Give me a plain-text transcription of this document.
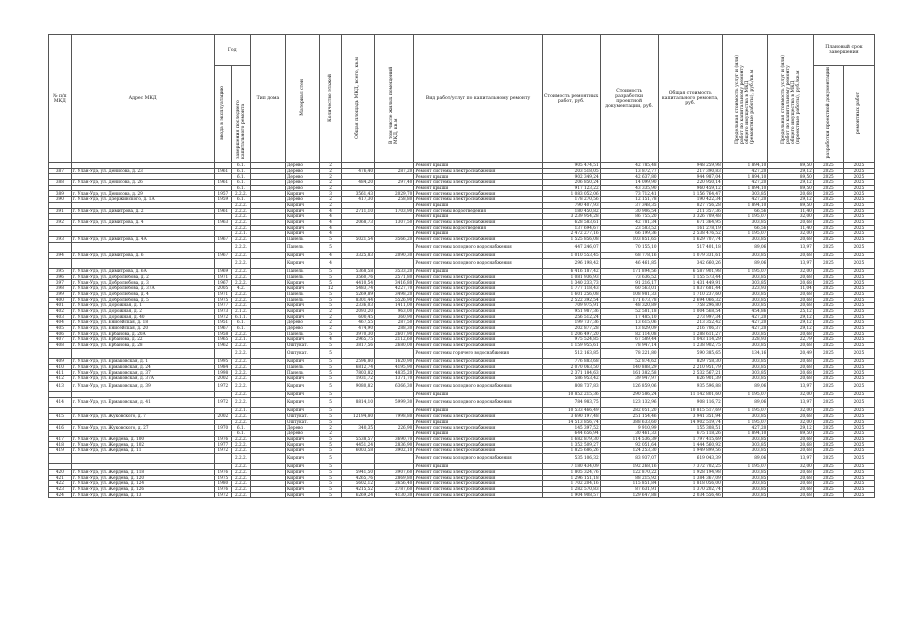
№ п/п МКД	Адрес МКД	Год		Тип дома	Материал стен	Количество этажей	Общая площадь МКД, всего, кв.м	В том числе жилых помещений МКД, кв.м	Вид работ/услуг по капитальному ремонту	Стоимость ремонтных работ, руб.	Стоимость разработки проектной документации, руб.	Общая стоимость капитального ремонта, руб.	Предельная стоимость услуг и (или) работ по капитальному ремонту общего имущества в МКД (ремонтные работы), руб./кв.м	Предельная стоимость услуг и (или) работ по капитальному ремонту общего имущества в МКД (проектные работы), руб./кв.м	Плановый срок завершения	
		ввода в эксплуатацию	завершения последнего капитального ремонта												разработки проектной документации	ремонтных работ
			6.1.		Дерево	2			Ремонт крыши	905 474,51	42 785,48	948 259,98	1 894,10	89,50	2025	2025
387	г. Улан-Удэ, ул. Денисова, д. 23	1961	6.1.		Дерево	2	476,40	287,20	Ремонт системы электроснабжения	203 518,05	13 872,77	217 390,83	427,20	29,12	2025	2025
			6.1.		Дерево	2			Ремонт крыши	902 349,24	42 637,80	944 987,04	1 894,10	89,50	2025	2025
388	г. Улан-Удэ, ул. Денисова, д. 26	1961	6.1.		Дерево	2	484,20	297,40	Ремонт системы электроснабжения	206 850,24	14 099,90	220 950,14	427,20	29,12	2025	2025
			6.1.		Дерево	2			Ремонт крыши	917 123,22	43 335,90	960 459,12	1 894,10	89,50	2025	2025
389	г. Улан-Удэ, ул. Денисова, д. 29	1957	2.2.2.		Кирпич	3	3561,43	2029,70	Ремонт системы электроснабжения	1 083 052,06	73 712,41	1 156 764,47	303,85	20,68	2025	2025
390	г. Улан-Удэ, ул. Дзержинского, д. 1А	1959	6.1.		Дерево	2	417,30	258,80	Ремонт системы электроснабжения	178 270,56	12 151,78	190 422,34	427,20	29,12	2025	2025
			2.2.2.		Кирпич	2			Ремонт крыши	790 407,93	37 348,35	827 756,28	1 894,10	89,50	2025	2025
391	г. Улан-Удэ, ул. Димитрова, д. 2	1961	2.2.2.		Кирпич	4	2711,10	1703,90	Ремонт системы водоотведения	180 450,82	30 906,54	211 357,36	66,56	11,40	2025	2025
			2.2.2.		Кирпич	4			Ремонт крыши	3 239 954,28	86 755,20	3 326 709,48	1 195,07	32,00	2025	2025
392	г. Улан-Удэ, ул. Димитрова, д. 4	1963	2.2.2.		Кирпич	4	2068,73	1307,50	Ремонт системы электроснабжения	628 583,61	42 781,34	671 364,95	303,85	20,68	2025	2025
			2.2.2.		Кирпич	4			Ремонт системы водоотведения	137 694,67	23 583,52	161 278,19	66,56	11,40	2025	2025
			2.2.1.		Кирпич	4			Ремонт крыши	2 472 277,16	66 199,36	2 538 476,52	1 195,07	32,00	2025	2025
393	г. Улан-Удэ, ул. Димитрова, д. 4А	1967	2.2.2.		Панель	5	5021,54	3566,20	Ремонт системы электроснабжения	1 525 856,08	103 851,65	1 629 707,74	303,85	20,68	2025	2025
			2.2.2.		Панель	5			Ремонт системы холодного водоснабжения	447 246,07	70 155,10	517 401,18	89,06	13,97	2025	2025
394	г. Улан-Удэ, ул. Димитрова, д. 6	1967	2.2.2.		Кирпич	4	3325,83	2090,30	Ремонт системы электроснабжения	1 010 553,45	68 778,16	1 079 331,61	303,85	20,68	2025	2025
			2.2.2.		Кирпич	4			Ремонт системы холодного водоснабжения	296 198,42	46 461,85	342 660,26	89,06	13,97	2025	2025
395	г. Улан-Удэ, ул. Димитрова, д. 6А	1969	2.2.2.		Панель	5	5368,58	3533,20	Ремонт крыши	6 416 187,42	171 894,56	6 587 901,98	1 195,07	32,00	2025	2025
396	г. Улан-Удэ, ул. Добролюбова, д. 2	1971	2.2.2.		Панель	5	3560,76	2571,80	Ремонт системы электроснабжения	1 081 936,93	73 636,52	1 155 573,44	303,85	20,68	2025	2025
397	г. Улан-Удэ, ул. Добролюбова, д. 3	1967	2.2.2.		Кирпич	5	4410,54	3416,80	Ремонт системы электроснабжения	1 340 233,73	91 216,17	1 431 449,91	303,85	20,68	2025	2025
398	г. Улан-Удэ, ул. Добролюбова, д. 37А	2005	4.2.		Кирпич	12	5483,74	4227,70	Ремонт системы электроснабжения	1 777 118,43	60 563,01	1 837 681,44	323,93	11,04	2025	2025
399	г. Улан-Удэ, ул. Добролюбова, д. 4	1971	2.2.2.		Панель	5	5269,89	3498,20	Ремонт системы электроснабжения	1 601 256,08	108 981,33	1 710 237,60	303,85	20,68	2025	2025
400	г. Улан-Удэ, ул. Добролюбова, д. 5	1975	2.2.2.		Панель	5	8301,44	5526,90	Ремонт системы электроснабжения	2 522 392,54	171 673,78	2 694 066,32	303,85	20,68	2025	2025
401	г. Улан-Удэ, ул. Дорожная, д. 1	1977	2.2.2.		Кирпич	5	2336,03	1411,00	Ремонт системы электроснабжения	709 975,91	48 320,89	758 296,80	303,85	20,68	2025	2025
402	г. Улан-Удэ, ул. Дорожная, д. 2	1973	2.1.2.		Кирпич	2	2093,20	963,00	Ремонт системы электроснабжения	951 987,36	52 581,18	1 004 568,54	454,86	25,12	2025	2025
403	г. Улан-Удэ, ул. Дорожная, д. 40	1972	6.1.1.		Кирпич	2	600,45	360,90	Ремонт системы электроснабжения	256 512,24	17 485,10	273 997,34	427,20	29,12	2025	2025
404	г. Улан-Удэ, ул. Енисейская, д. 18	1951	6.1.		Дерево	2	467,55	287,50	Ремонт системы электроснабжения	199 737,36	13 615,06	213 352,42	427,20	29,12	2025	2025
405	г. Улан-Удэ, ул. Енисейская, д. 20	1967	6.1.		Дерево	2	474,90	288,30	Ремонт системы электроснабжения	202 877,28	13 829,09	216 706,37	427,20	29,12	2025	2025
406	г. Улан-Удэ, ул. Ербанова, д. 20А	1958	2.2.2.		Панель	5	3970,30	2607,90	Ремонт системы электроснабжения	1 206 497,20	82 114,08	1 288 611,27	303,85	20,68	2025	2025
407	г. Улан-Удэ, ул. Ербанова, д. 22	1965	2.2.1.		Кирпич	4	2965,75	2112,60	Ремонт системы электроснабжения	975 524,85	67 589,44	1 043 114,29	328,93	22,79	2025	2025
408	г. Улан-Удэ, ул. Ербанова, д. 28	1962	2.2.2.		Оштукат.	5	3817,56	2680,00	Ремонт системы электроснабжения	1 159 955,61	78 947,14	1 238 902,75	303,85	20,68	2025	2025
			2.2.2.		Оштукат.	5			Ремонт системы горячего водоснабжения	512 163,85	78 221,80	590 385,65	134,16	20,49	2025	2025
409	г. Улан-Удэ, ул. Ермаковская, д. 1	1995	2.2.2.		Кирпич	5	2596,80	1620,90	Ремонт системы электроснабжения	776 883,68	52 874,62	829 758,30	303,85	20,68	2025	2025
410	г. Улан-Удэ, ул. Ермаковская, д. 24	1984	2.2.2.		Панель	5	6812,74	4195,90	Ремонт системы электроснабжения	2 070 063,50	140 888,29	2 210 951,79	303,85	20,68	2025	2025
411	г. Улан-Удэ, ул. Ермаковская, д. 37	1998	2.2.2.		Панель	5	7803,82	4835,20	Ремонт системы электроснабжения	2 371 184,63	161 382,58	2 532 567,21	303,85	20,68	2025	2025
412	г. Улан-Удэ, ул. Ермаковская, д. 37А	2002	2.2.2.		Кирпич	5	1931,72	1371,70	Ремонт системы электроснабжения	586 953,42	39 947,97	626 901,39	303,85	20,68	2025	2025
413	г. Улан-Удэ, ул. Ермаковская, д. 39	1972	2.2.2.		Кирпич	5	9080,82	6366,30	Ремонт системы холодного водоснабжения	808 737,83	126 859,06	935 596,88	89,06	13,97	2025	2025
			2.2.2.		Кирпич	5			Ремонт крыши	10 852 215,36	290 586,24	11 142 801,60	1 195,07	32,00	2025	2025
414	г. Улан-Удэ, ул. Ермаковская, д. 41	1972	2.2.2.		Кирпич	5	8814,10	5999,30	Ремонт системы холодного водоснабжения	784 983,75	123 132,96	908 116,72	89,06	13,97	2025	2025
			2.2.1.		Кирпич	5			Ремонт крыши	10 533 466,49	282 051,20	10 815 517,69	1 195,07	32,00	2025	2025
415	г. Улан-Удэ, ул. Жуковского, д. 7	2002	2.2.2.		Оштукат.	5	12194,80	7998,80	Ремонт системы электроснабжения	3 690 197,48	251 154,46	3 941 351,94	303,85	20,68	2025	2025
			2.2.2.		Оштукат.	5			Ремонт крыши	14 513 856,74	388 633,60	14 902 519,74	1 195,07	32,00	2025	2025
416	г. Улан-Удэ, ул. Жуковского, д. 27	1970	6.1.		Дерево	2	340,35	226,90	Ремонт системы электроснабжения	145 397,52	9 910,99	155 308,51	427,20	29,12	2025	2025
			6.1.		Дерево	2			Ремонт крыши	644 656,94	30 461,33	675 118,26	1 894,10	89,50	2025	2025
417	г. Улан-Удэ, ул. Жердева, д. 100	1976	2.2.2.		Кирпич	5	5538,57	3690,70	Ремонт системы электроснабжения	1 682 879,30	114 536,39	1 797 415,69	303,85	20,68	2025	2025
418	г. Улан-Удэ, ул. Жердева, д. 102	1977	2.2.2.		Кирпич	5	4451,24	2836,90	Ремонт системы электроснабжения	1 352 509,27	92 051,64	1 444 560,92	303,85	20,68	2025	2025
419	г. Улан-Удэ, ул. Жердева, д. 11	1972	2.2.2.		Кирпич	5	6003,58	3902,10	Ремонт системы электроснабжения	1 825 686,26	124 253,30	1 949 899,56	303,85	20,68	2025	2025
			2.2.2.		Кирпич	5			Ремонт системы холодного водоснабжения	535 106,32	83 937,07	619 043,39	89,06	13,97	2025	2025
			2.2.2.		Кирпич	5			Ремонт крыши	7 180 434,09	192 268,16	7 372 702,25	1 195,07	32,00	2025	2025
420	г. Улан-Удэ, ул. Жердева, д. 118	1976	2.2.2.		Кирпич	5	5941,50	3907,60	Ремонт системы электроснабжения	1 805 324,76	122 870,22	1 928 194,98	303,85	20,68	2025	2025
421	г. Улан-Удэ, ул. Жердева, д. 120	1975	2.2.2.		Кирпич	5	4265,76	2869,80	Ремонт системы электроснабжения	1 296 151,18	88 215,92	1 384 367,09	303,85	20,68	2025	2025
422	г. Улан-Удэ, ул. Жердева, д. 124	1980	2.2.2.		Кирпич	5	5602,12	3656,40	Ремонт системы электроснабжения	1 702 204,16	115 851,84	1 818 056,00	303,85	20,68	2025	2025
423	г. Улан-Удэ, ул. Жердева, д. 126	1976	2.2.2.		Кирпич	5	4215,52	2787,60	Ремонт системы электроснабжения	1 282 570,83	87 631,91	1 370 202,74	303,85	20,68	2025	2025
424	г. Улан-Удэ, ул. Жердева, д. 13	1972	2.2.2.		Кирпич	5	6269,24	4130,30	Ремонт системы электроснабжения	1 904 908,57	129 647,88	2 034 556,46	303,85	20,68	2025	2025
